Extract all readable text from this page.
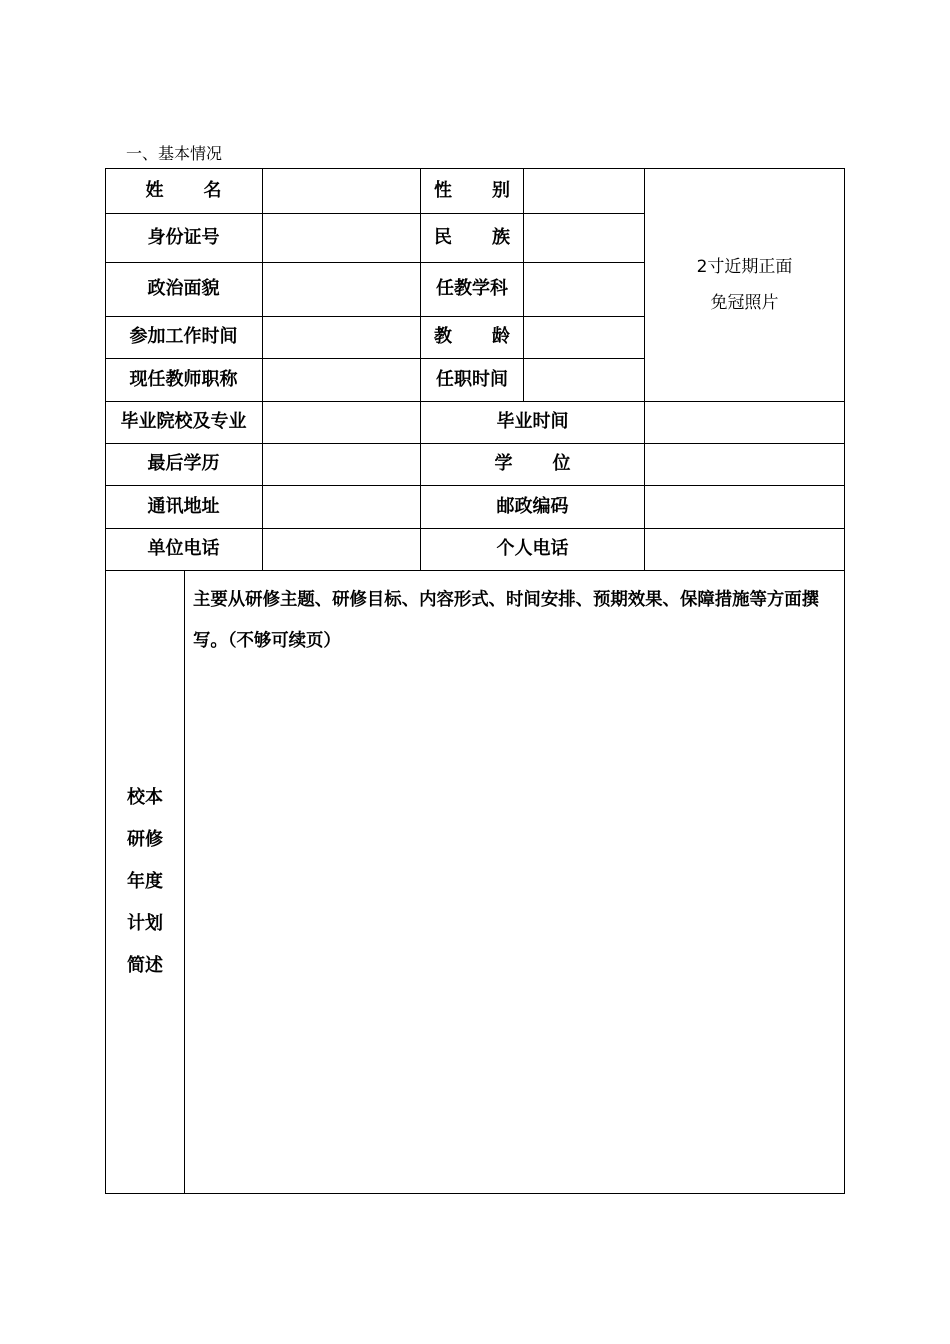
一、基本情况
姓 名	性 别
2寸近期正面
免冠照片
身份证号	民 族
政治面貌	任教学科
参加工作时间	教 龄
现任教师职称	任职时间
毕业院校及专业	毕业时间
最后学历	学 位
通讯地址	邮政编码
单位电话	个人电话
校本
研修
年度
计划
简述
主要从研修主题、研修目标、内容形式、时间安排、预期效果、保障措施等方面撰写。（不够可续页）
